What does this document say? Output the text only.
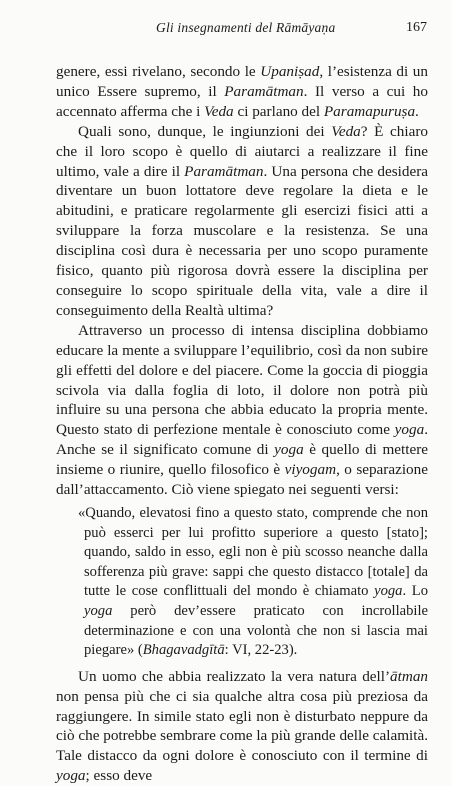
Gli insegnamenti del Rāmāyaṇa	167

genere, essi rivelano, secondo le Upaniṣad, l’esistenza di un unico Essere supremo, il Paramātman. Il verso a cui ho accennato afferma che i Veda ci parlano del Paramapuruṣa.

Quali sono, dunque, le ingiunzioni dei Veda? È chiaro che il loro scopo è quello di aiutarci a realizzare il fine ultimo, vale a dire il Paramātman. Una persona che desidera diventare un buon lottatore deve regolare la dieta e le abitudini, e praticare regolarmente gli esercizi fisici atti a sviluppare la forza muscolare e la resistenza. Se una disciplina così dura è necessaria per uno scopo puramente fisico, quanto più rigorosa dovrà essere la disciplina per conseguire lo scopo spirituale della vita, vale a dire il conseguimento della Realtà ultima?

Attraverso un processo di intensa disciplina dobbiamo educare la mente a sviluppare l’equilibrio, così da non subire gli effetti del dolore e del piacere. Come la goccia di pioggia scivola via dalla foglia di loto, il dolore non potrà più influire su una persona che abbia educato la propria mente. Questo stato di perfezione mentale è conosciuto come yoga. Anche se il significato comune di yoga è quello di mettere insieme o riunire, quello filosofico è viyogam, o separazione dall’attaccamento. Ciò viene spiegato nei seguenti versi:

«Quando, elevatosi fino a questo stato, comprende che non può esserci per lui profitto superiore a questo [stato]; quando, saldo in esso, egli non è più scosso neanche dalla sofferenza più grave: sappi che questo distacco [totale] da tutte le cose conflittuali del mondo è chiamato yoga. Lo yoga però dev’essere praticato con incrollabile determinazione e con una volontà che non si lascia mai piegare» (Bhagavadgītā: VI, 22-23).

Un uomo che abbia realizzato la vera natura dell’ātman non pensa più che ci sia qualche altra cosa più preziosa da raggiungere. In simile stato egli non è disturbato neppure da ciò che potrebbe sembrare come la più grande delle calamità. Tale distacco da ogni dolore è conosciuto con il termine di yoga; esso deve
